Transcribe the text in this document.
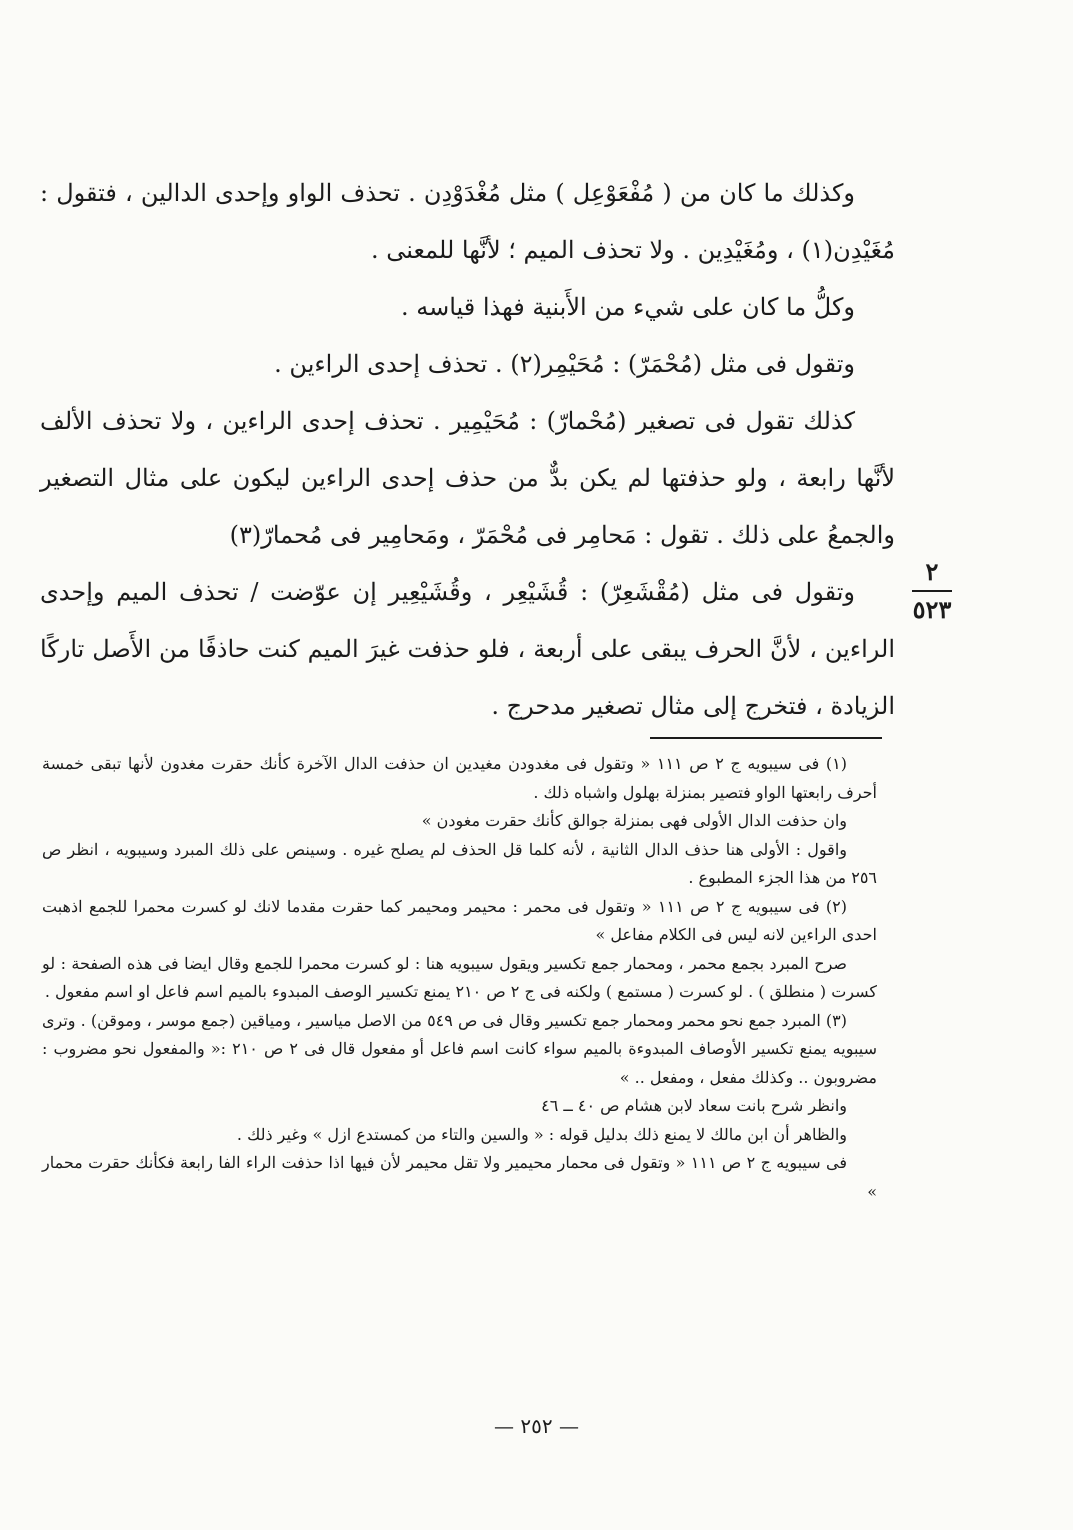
وكذلك ما كان من ( مُفْعَوْعِل ) مثل مُغْدَوْدِن . تحذف الواو وإحدى الدالين ، فتقول : مُغَيْدِن(١) ، ومُغَيْدِين . ولا تحذف الميم ؛ لأنَّها للمعنى .

وكلُّ ما كان على شيء من الأَبنية فهذا قياسه .

وتقول فى مثل (مُحْمَرّ) : مُحَيْمِر(٢) . تحذف إحدى الراءين .

كذلك تقول فى تصغير (مُحْمارّ) : مُحَيْمِير . تحذف إحدى الراءين ، ولا تحذف الألف لأنَّها رابعة ، ولو حذفتها لم يكن بدٌّ من حذف إحدى الراءين ليكون على مثال التصغير والجمعُ على ذلك . تقول : مَحامِر فى مُحْمَرّ ، ومَحامِير فى مُحمارّ(٣)

وتقول فى مثل (مُقْشَعِرّ) : قُشَيْعِر ، وقُشَيْعِير إن عوّضت / تحذف الميم وإحدى الراءين ، لأنَّ الحرف يبقى على أربعة ، فلو حذفت غيرَ الميم كنت حاذفًا من الأَصل تاركًا الزيادة ، فتخرج إلى مثال تصغير مدحرج .

٢
٥٢٣

(١) فى سيبويه ج ٢ ص ١١١ « وتقول فى مغدودن مغيدين ان حذفت الدال الآخرة كأنك حقرت مغدون لأنها تبقى خمسة أحرف رابعتها الواو فتصير بمنزلة بهلول واشباه ذلك .

وان حذفت الدال الأولى فهى بمنزلة جوالق كأنك حقرت مغودن »

واقول : الأولى هنا حذف الدال الثانية ، لأنه كلما قل الحذف لم يصلح غيره . وسينص على ذلك المبرد وسيبويه ، انظر ص ٢٥٦ من هذا الجزء المطبوع .

(٢) فى سيبويه ج ٢ ص ١١١ « وتقول فى محمر : محيمر ومحيمر كما حقرت مقدما لانك لو كسرت محمرا للجمع اذهبت احدى الراءين لانه ليس فى الكلام مفاعل »

صرح المبرد بجمع محمر ، ومحمار جمع تكسير ويقول سيبويه هنا : لو كسرت محمرا للجمع وقال ايضا فى هذه الصفحة : لو كسرت ( منطلق ) . لو كسرت ( مستمع ) ولكنه فى ج ٢ ص ٢١٠ يمنع تكسير الوصف المبدوء بالميم اسم فاعل او اسم مفعول .

(٣) المبرد جمع نحو محمر ومحمار جمع تكسير وقال فى ص ٥٤٩ من الاصل مياسير ، ومياقين (جمع موسر ، وموقن) . وترى سيبويه يمنع تكسير الأوصاف المبدوءة بالميم سواء كانت اسم فاعل أو مفعول قال فى ٢ ص ٢١٠ :« والمفعول نحو مضروب : مضروبون .. وكذلك مفعل ، ومفعل .. »

وانظر شرح بانت سعاد لابن هشام ص ٤٠ ــ ٤٦

والظاهر أن ابن مالك لا يمنع ذلك بدليل قوله : « والسين والتاء من كمستدع ازل » وغير ذلك .

فى سيبويه ج ٢ ص ١١١ « وتقول فى محمار محيمير ولا تقل محيمر لأن فيها اذا حذفت الراء الفا رابعة فكأنك حقرت محمار »

— ٢٥٢ —
